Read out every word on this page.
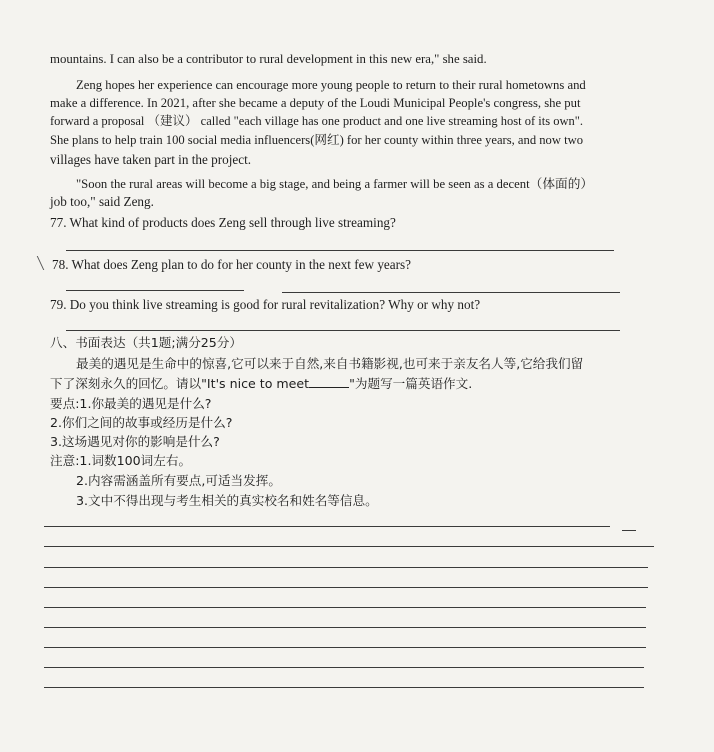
mountains. I can also be a contributor to rural development in this new era," she said.
Zeng hopes her experience can encourage more young people to return to their rural hometowns and
make a difference. In 2021, after she became a deputy of the Loudi Municipal People's congress, she put
forward a proposal （建议） called "each village has one product and one live streaming host of its own".
She plans to help train 100 social media influencers(网红) for her county within three years, and now two
villages have taken part in the project.
"Soon the rural areas will become a big stage, and being a farmer will be seen as a decent（体面的）
job too," said Zeng.
77. What kind of products does Zeng sell through live streaming?
78. What does Zeng plan to do for her county in the next few years?
79. Do you think live streaming is good for rural revitalization? Why or why not?
八、书面表达（共1题;满分25分）
最美的遇见是生命中的惊喜,它可以来于自然,来自书籍影视,也可来于亲友名人等,它给我们留
下了深刻永久的回忆。请以"It's nice to meet	"为题写一篇英语作文.
要点:1.你最美的遇见是什么?
2.你们之间的故事或经历是什么?
3.这场遇见对你的影响是什么?
注意:1.词数100词左右。
2.内容需涵盖所有要点,可适当发挥。
3.文中不得出现与考生相关的真实校名和姓名等信息。
